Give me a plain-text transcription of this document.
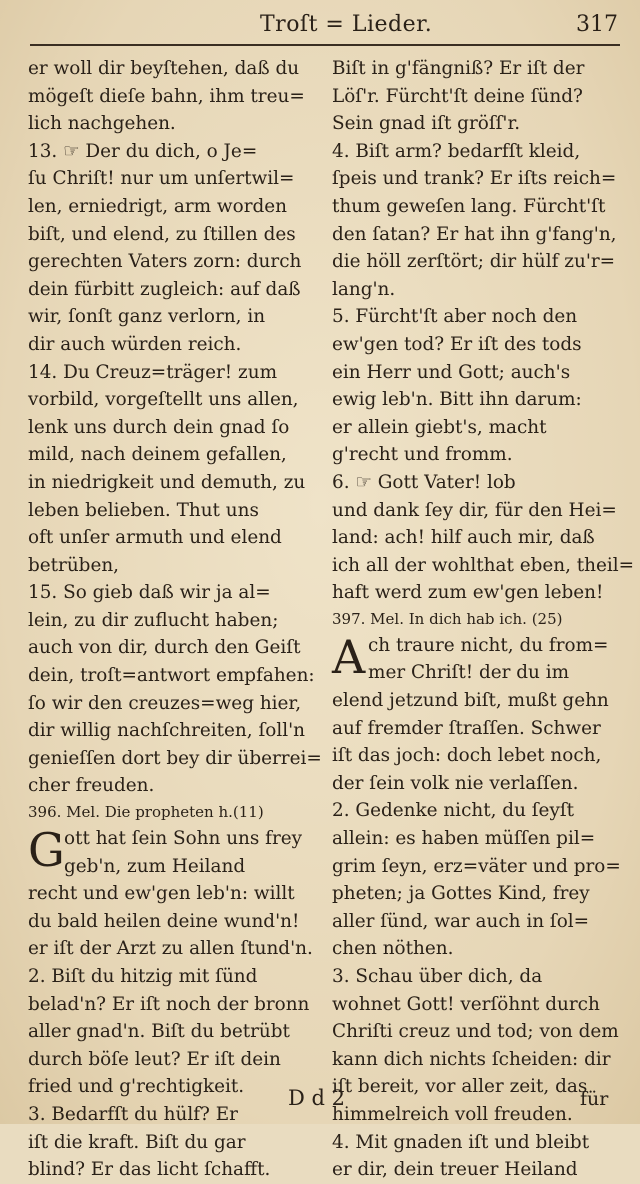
Troſt = Lieder.	317
er woll dir beyſtehen, daß du
mögeſt dieſe bahn, ihm treu=
lich nachgehen.
13. ☞ Der du dich, o Je=
ſu Chriſt! nur um unſertwil=
len, erniedrigt, arm worden
biſt, und elend, zu ſtillen des
gerechten Vaters zorn: durch
dein fürbitt zugleich: auf daß
wir, ſonſt ganz verlorn, in
dir auch würden reich.
14. Du Creuz=träger! zum
vorbild, vorgeſtellt uns allen,
lenk uns durch dein gnad ſo
mild, nach deinem gefallen,
in niedrigkeit und demuth, zu
leben belieben. Thut uns
oft unſer armuth und elend
betrüben,
15. So gieb daß wir ja al=
lein, zu dir zuflucht haben;
auch von dir, durch den Geiſt
dein, troſt=antwort empfahen:
ſo wir den creuzes=weg hier,
dir willig nachſchreiten, ſoll'n
genieſſen dort bey dir überrei=
cher freuden.
396. Mel. Die propheten h.(11)
G ott hat ſein Sohn uns frey
geb'n, zum Heiland
recht und ew'gen leb'n: willt
du bald heilen deine wund'n!
er iſt der Arzt zu allen ſtund'n.
2. Biſt du hitzig mit ſünd
belad'n? Er iſt noch der bronn
aller gnad'n. Biſt du betrübt
durch böſe leut? Er iſt dein
fried und g'rechtigkeit.
3. Bedarfſt du hülf? Er
iſt die kraft. Biſt du gar
blind? Er das licht ſchafft.
Biſt in g'fängniß? Er iſt der
Löſ'r. Fürcht'ſt deine ſünd?
Sein gnad iſt gröſſ'r.
4. Biſt arm? bedarfſt kleid,
ſpeis und trank? Er iſts reich=
thum geweſen lang. Fürcht'ſt
den ſatan? Er hat ihn g'fang'n,
die höll zerſtört; dir hülf zu'r=
lang'n.
5. Fürcht'ſt aber noch den
ew'gen tod? Er iſt des tods
ein Herr und Gott; auch's
ewig leb'n. Bitt ihn darum:
er allein giebt's, macht
g'recht und fromm.
6. ☞ Gott Vater! lob
und dank ſey dir, für den Hei=
land: ach! hilf auch mir, daß
ich all der wohlthat eben, theil=
haft werd zum ew'gen leben!
397. Mel. In dich hab ich. (25)
A ch traure nicht, du from=
mer Chriſt! der du im
elend jetzund biſt, mußt gehn
auf fremder ſtraſſen. Schwer
iſt das joch: doch lebet noch,
der ſein volk nie verlaſſen.
2. Gedenke nicht, du ſeyſt
allein: es haben müſſen pil=
grim ſeyn, erz=väter und pro=
pheten; ja Gottes Kind, frey
aller ſünd, war auch in ſol=
chen nöthen.
3. Schau über dich, da
wohnet Gott! verſöhnt durch
Chriſti creuz und tod; von dem
kann dich nichts ſcheiden: dir
iſt bereit, vor aller zeit, das
himmelreich voll freuden.
4. Mit gnaden iſt und bleibt
er dir, dein treuer Heiland
D d 2	für
